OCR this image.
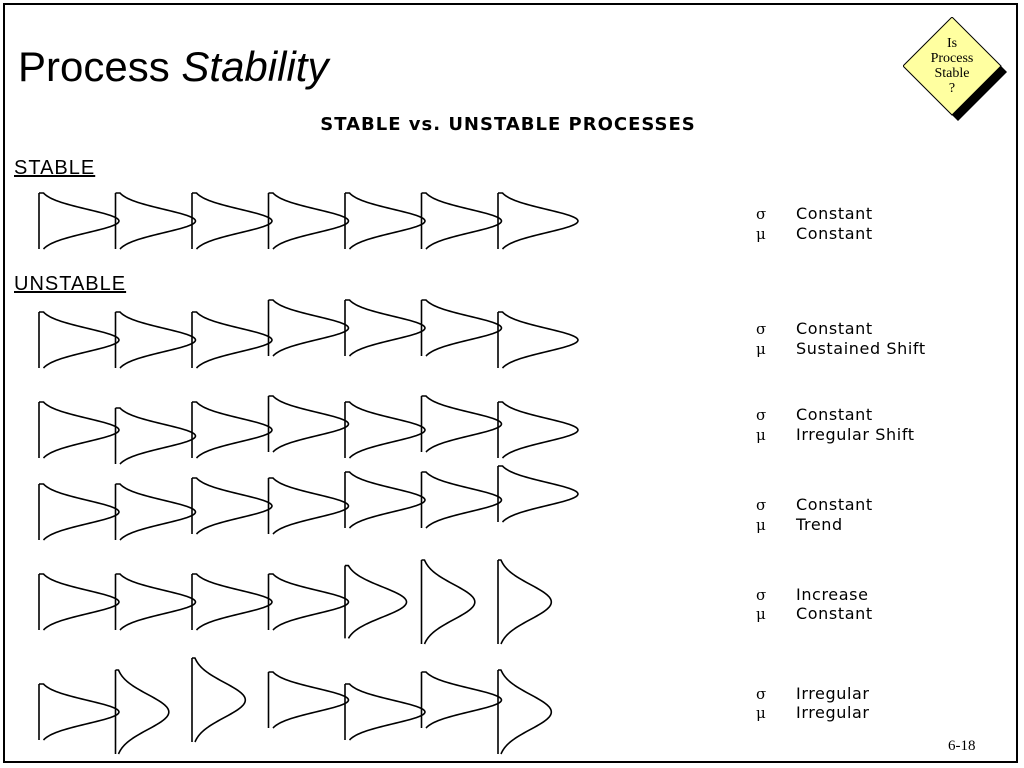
Process Stability
STABLE vs. UNSTABLE PROCESSES
STABLE
UNSTABLE
Is
Process
Stable
?
σ Constant
μ Constant
σ Constant
μ Sustained Shift
σ Constant
μ Irregular Shift
σ Constant
μ Trend
σ Increase
μ Constant
σ Irregular
μ Irregular
6-18
